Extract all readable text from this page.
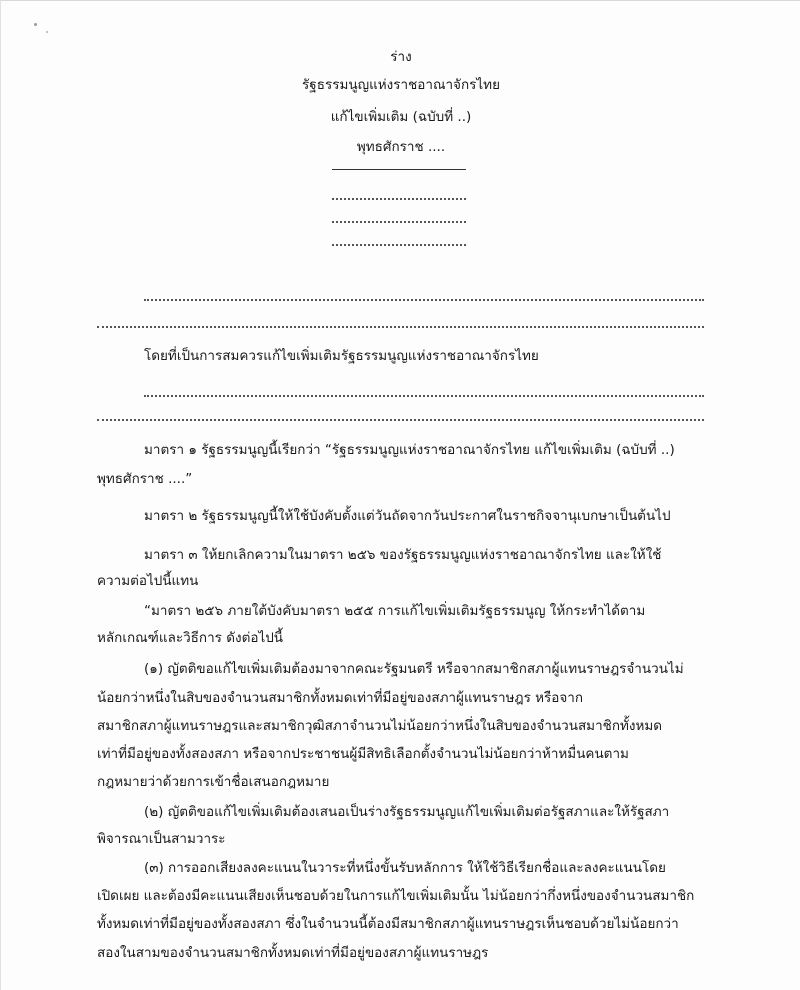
ร่าง
รัฐธรรมนูญแห่งราชอาณาจักรไทย
แก้ไขเพิ่มเติม (ฉบับที่ ..)
พุทธศักราช ....
โดยที่เป็นการสมควรแก้ไขเพิ่มเติมรัฐธรรมนูญแห่งราชอาณาจักรไทย
มาตรา ๑ รัฐธรรมนูญนี้เรียกว่า “รัฐธรรมนูญแห่งราชอาณาจักรไทย แก้ไขเพิ่มเติม (ฉบับที่ ..)
พุทธศักราช ....”
มาตรา ๒ รัฐธรรมนูญนี้ให้ใช้บังคับตั้งแต่วันถัดจากวันประกาศในราชกิจจานุเบกษาเป็นต้นไป
มาตรา ๓ ให้ยกเลิกความในมาตรา ๒๕๖ ของรัฐธรรมนูญแห่งราชอาณาจักรไทย และให้ใช้
ความต่อไปนี้แทน
“มาตรา ๒๕๖ ภายใต้บังคับมาตรา ๒๕๕ การแก้ไขเพิ่มเติมรัฐธรรมนูญ ให้กระทำได้ตาม
หลักเกณฑ์และวิธีการ ดังต่อไปนี้
(๑) ญัตติขอแก้ไขเพิ่มเติมต้องมาจากคณะรัฐมนตรี หรือจากสมาชิกสภาผู้แทนราษฎรจำนวนไม่
น้อยกว่าหนึ่งในสิบของจำนวนสมาชิกทั้งหมดเท่าที่มีอยู่ของสภาผู้แทนราษฎร หรือจาก
สมาชิกสภาผู้แทนราษฎรและสมาชิกวุฒิสภาจำนวนไม่น้อยกว่าหนึ่งในสิบของจำนวนสมาชิกทั้งหมด
เท่าที่มีอยู่ของทั้งสองสภา หรือจากประชาชนผู้มีสิทธิเลือกตั้งจำนวนไม่น้อยกว่าห้าหมื่นคนตาม
กฎหมายว่าด้วยการเข้าชื่อเสนอกฎหมาย
(๒) ญัตติขอแก้ไขเพิ่มเติมต้องเสนอเป็นร่างรัฐธรรมนูญแก้ไขเพิ่มเติมต่อรัฐสภาและให้รัฐสภา
พิจารณาเป็นสามวาระ
(๓) การออกเสียงลงคะแนนในวาระที่หนึ่งขั้นรับหลักการ ให้ใช้วิธีเรียกชื่อและลงคะแนนโดย
เปิดเผย และต้องมีคะแนนเสียงเห็นชอบด้วยในการแก้ไขเพิ่มเติมนั้น ไม่น้อยกว่ากึ่งหนึ่งของจำนวนสมาชิก
ทั้งหมดเท่าที่มีอยู่ของทั้งสองสภา ซึ่งในจำนวนนี้ต้องมีสมาชิกสภาผู้แทนราษฎรเห็นชอบด้วยไม่น้อยกว่า
สองในสามของจำนวนสมาชิกทั้งหมดเท่าที่มีอยู่ของสภาผู้แทนราษฎร
